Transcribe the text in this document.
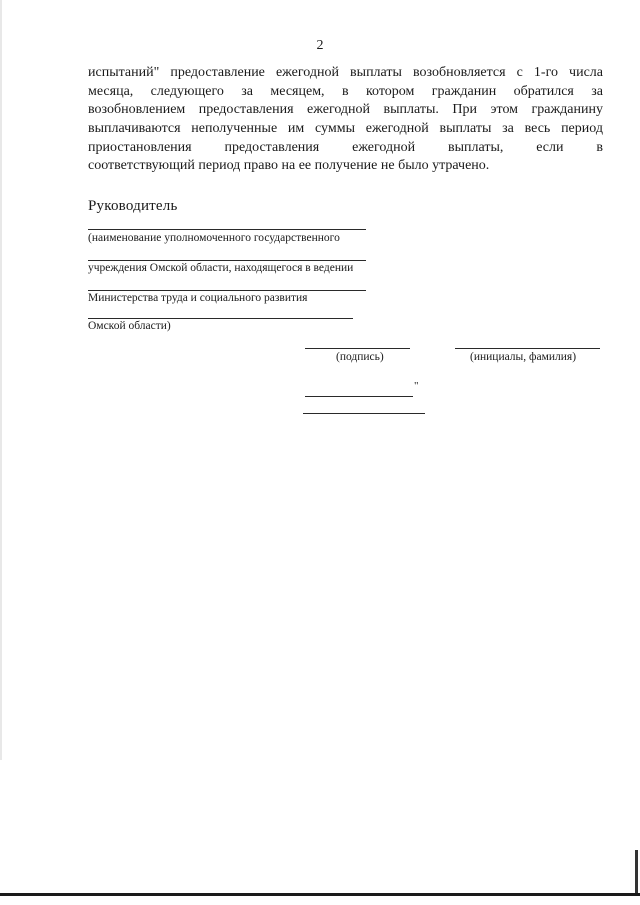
2
испытаний" предоставление ежегодной выплаты возобновляется с 1-го числа
месяца, следующего за месяцем, в котором гражданин обратился за
возобновлением предоставления ежегодной выплаты. При этом гражданину
выплачиваются неполученные им суммы ежегодной выплаты за весь период
приостановления предоставления ежегодной выплаты, если в
соответствующий период право на ее получение не было утрачено.
Руководитель
(наименование уполномоченного государственного
учреждения Омской области, находящегося в ведении
Министерства труда и социального развития
Омской области)
(подпись)	(инициалы, фамилия)
"
